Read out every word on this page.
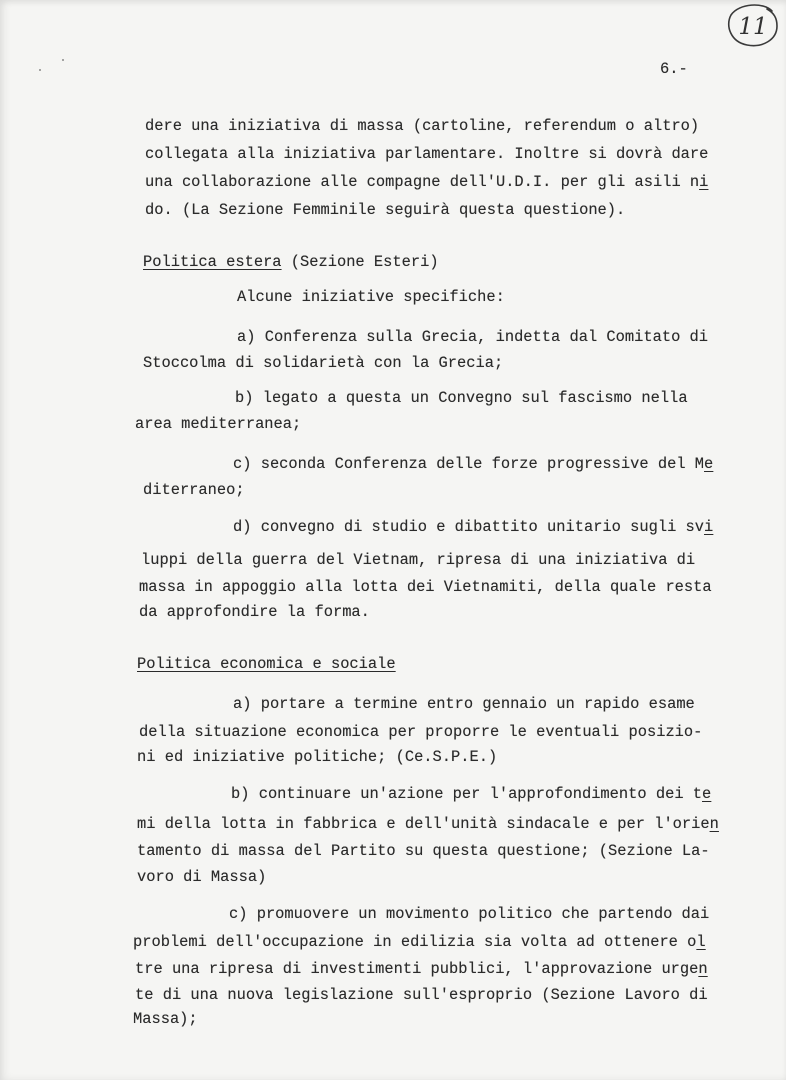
11
6.-
dere una iniziativa di massa (cartoline, referendum o altro)
collegata alla iniziativa parlamentare. Inoltre si dovrà dare
una collaborazione alle compagne dell'U.D.I. per gli asili ni
do. (La Sezione Femminile seguirà questa questione).
Politica estera (Sezione Esteri)
Alcune iniziative specifiche:
a) Conferenza sulla Grecia, indetta dal Comitato di
Stoccolma di solidarietà con la Grecia;
b) legato a questa un Convegno sul fascismo nella
area mediterranea;
c) seconda Conferenza delle forze progressive del Me
diterraneo;
d) convegno di studio e dibattito unitario sugli svi
luppi della guerra del Vietnam, ripresa di una iniziativa di
massa in appoggio alla lotta dei Vietnamiti, della quale resta
da approfondire la forma.
Politica economica e sociale
a) portare a termine entro gennaio un rapido esame
della situazione economica per proporre le eventuali posizio-
ni ed iniziative politiche; (Ce.S.P.E.)
b) continuare un'azione per l'approfondimento dei te
mi della lotta in fabbrica e dell'unità sindacale e per l'orien
tamento di massa del Partito su questa questione; (Sezione La-
voro di Massa)
c) promuovere un movimento politico che partendo dai
problemi dell'occupazione in edilizia sia volta ad ottenere ol
tre una ripresa di investimenti pubblici, l'approvazione urgen
te di una nuova legislazione sull'esproprio (Sezione Lavoro di
Massa);
